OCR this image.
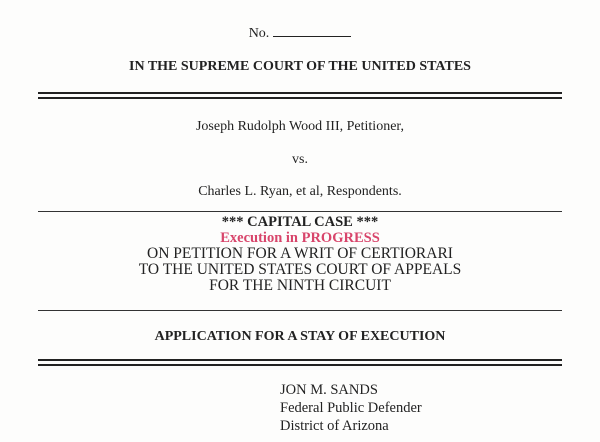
No.
IN THE SUPREME COURT OF THE UNITED STATES
Joseph Rudolph Wood III, Petitioner,
vs.
Charles L. Ryan, et al, Respondents.
*** CAPITAL CASE ***
Execution in PROGRESS
ON PETITION FOR A WRIT OF CERTIORARI
TO THE UNITED STATES COURT OF APPEALS
FOR THE NINTH CIRCUIT
APPLICATION FOR A STAY OF EXECUTION
JON M. SANDS
Federal Public Defender
District of Arizona
